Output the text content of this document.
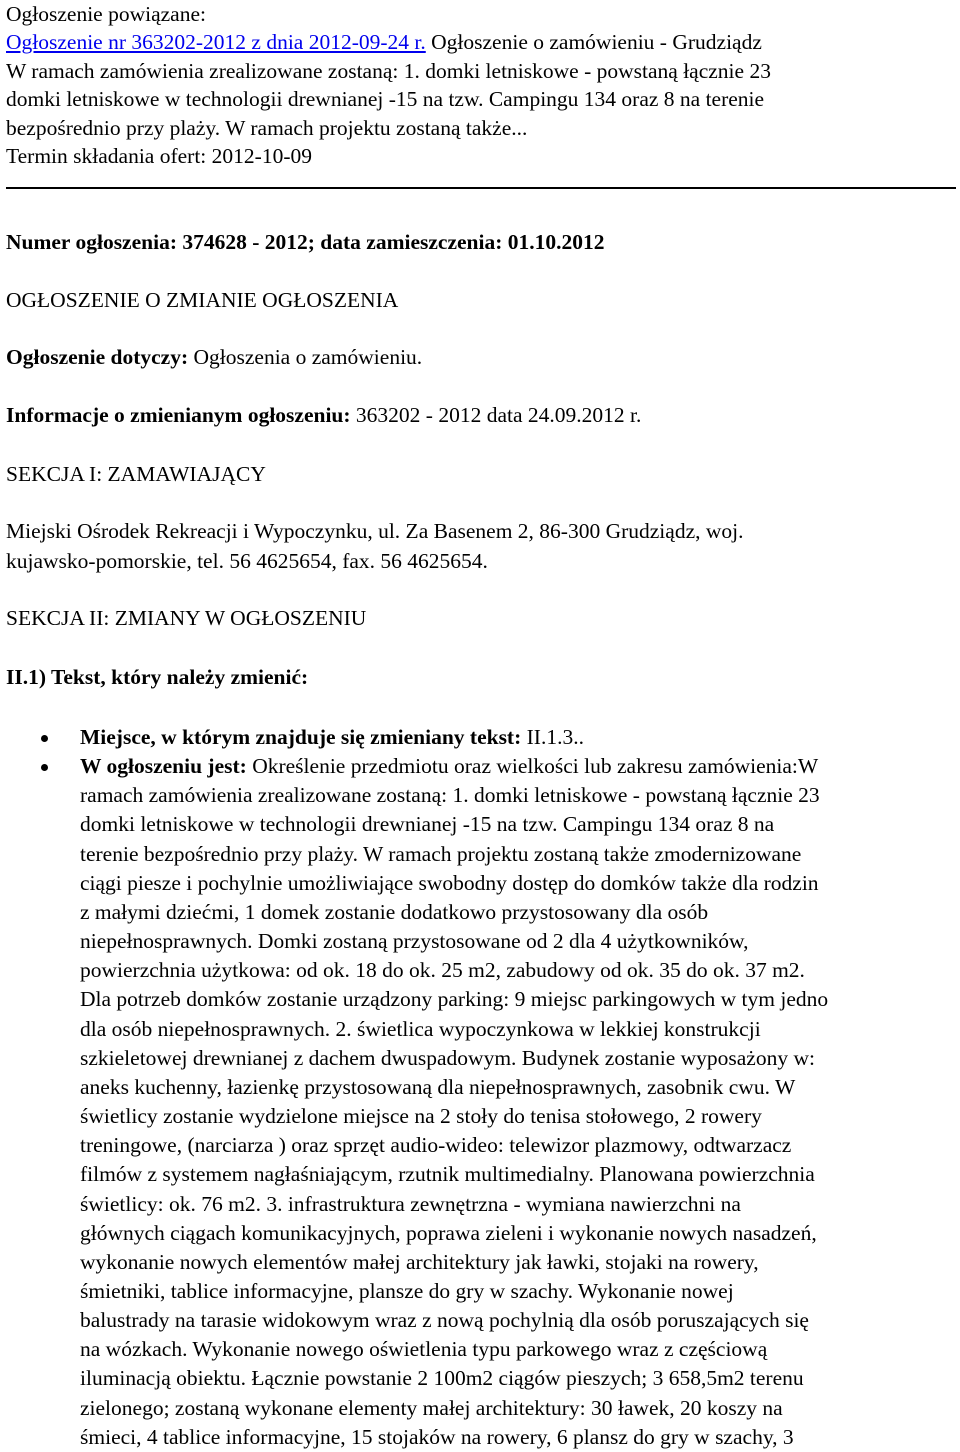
Ogłoszenie powiązane:
Ogłoszenie nr 363202-2012 z dnia 2012-09-24 r. Ogłoszenie o zamówieniu - Grudziądz
W ramach zamówienia zrealizowane zostaną: 1. domki letniskowe - powstaną łącznie 23
domki letniskowe w technologii drewnianej -15 na tzw. Campingu 134 oraz 8 na terenie
bezpośrednio przy plaży. W ramach projektu zostaną także...
Termin składania ofert: 2012-10-09
Numer ogłoszenia: 374628 - 2012; data zamieszczenia: 01.10.2012
OGŁOSZENIE O ZMIANIE OGŁOSZENIA
Ogłoszenie dotyczy: Ogłoszenia o zamówieniu.
Informacje o zmienianym ogłoszeniu: 363202 - 2012 data 24.09.2012 r.
SEKCJA I: ZAMAWIAJĄCY
Miejski Ośrodek Rekreacji i Wypoczynku, ul. Za Basenem 2, 86-300 Grudziądz, woj.
kujawsko-pomorskie, tel. 56 4625654, fax. 56 4625654.
SEKCJA II: ZMIANY W OGŁOSZENIU
II.1) Tekst, który należy zmienić:
Miejsce, w którym znajduje się zmieniany tekst: II.1.3..
W ogłoszeniu jest: Określenie przedmiotu oraz wielkości lub zakresu zamówienia:W
ramach zamówienia zrealizowane zostaną: 1. domki letniskowe - powstaną łącznie 23
domki letniskowe w technologii drewnianej -15 na tzw. Campingu 134 oraz 8 na
terenie bezpośrednio przy plaży. W ramach projektu zostaną także zmodernizowane
ciągi piesze i pochylnie umożliwiające swobodny dostęp do domków także dla rodzin
z małymi dziećmi, 1 domek zostanie dodatkowo przystosowany dla osób
niepełnosprawnych. Domki zostaną przystosowane od 2 dla 4 użytkowników,
powierzchnia użytkowa: od ok. 18 do ok. 25 m2, zabudowy od ok. 35 do ok. 37 m2.
Dla potrzeb domków zostanie urządzony parking: 9 miejsc parkingowych w tym jedno
dla osób niepełnosprawnych. 2. świetlica wypoczynkowa w lekkiej konstrukcji
szkieletowej drewnianej z dachem dwuspadowym. Budynek zostanie wyposażony w:
aneks kuchenny, łazienkę przystosowaną dla niepełnosprawnych, zasobnik cwu. W
świetlicy zostanie wydzielone miejsce na 2 stoły do tenisa stołowego, 2 rowery
treningowe, (narciarza ) oraz sprzęt audio-wideo: telewizor plazmowy, odtwarzacz
filmów z systemem nagłaśniającym, rzutnik multimedialny. Planowana powierzchnia
świetlicy: ok. 76 m2. 3. infrastruktura zewnętrzna - wymiana nawierzchni na
głównych ciągach komunikacyjnych, poprawa zieleni i wykonanie nowych nasadzeń,
wykonanie nowych elementów małej architektury jak ławki, stojaki na rowery,
śmietniki, tablice informacyjne, plansze do gry w szachy. Wykonanie nowej
balustrady na tarasie widokowym wraz z nową pochylnią dla osób poruszających się
na wózkach. Wykonanie nowego oświetlenia typu parkowego wraz z częściową
iluminacją obiektu. Łącznie powstanie 2 100m2 ciągów pieszych; 3 658,5m2 terenu
zielonego; zostaną wykonane elementy małej architektury: 30 ławek, 20 koszy na
śmieci, 4 tablice informacyjne, 15 stojaków na rowery, 6 plansz do gry w szachy, 3
